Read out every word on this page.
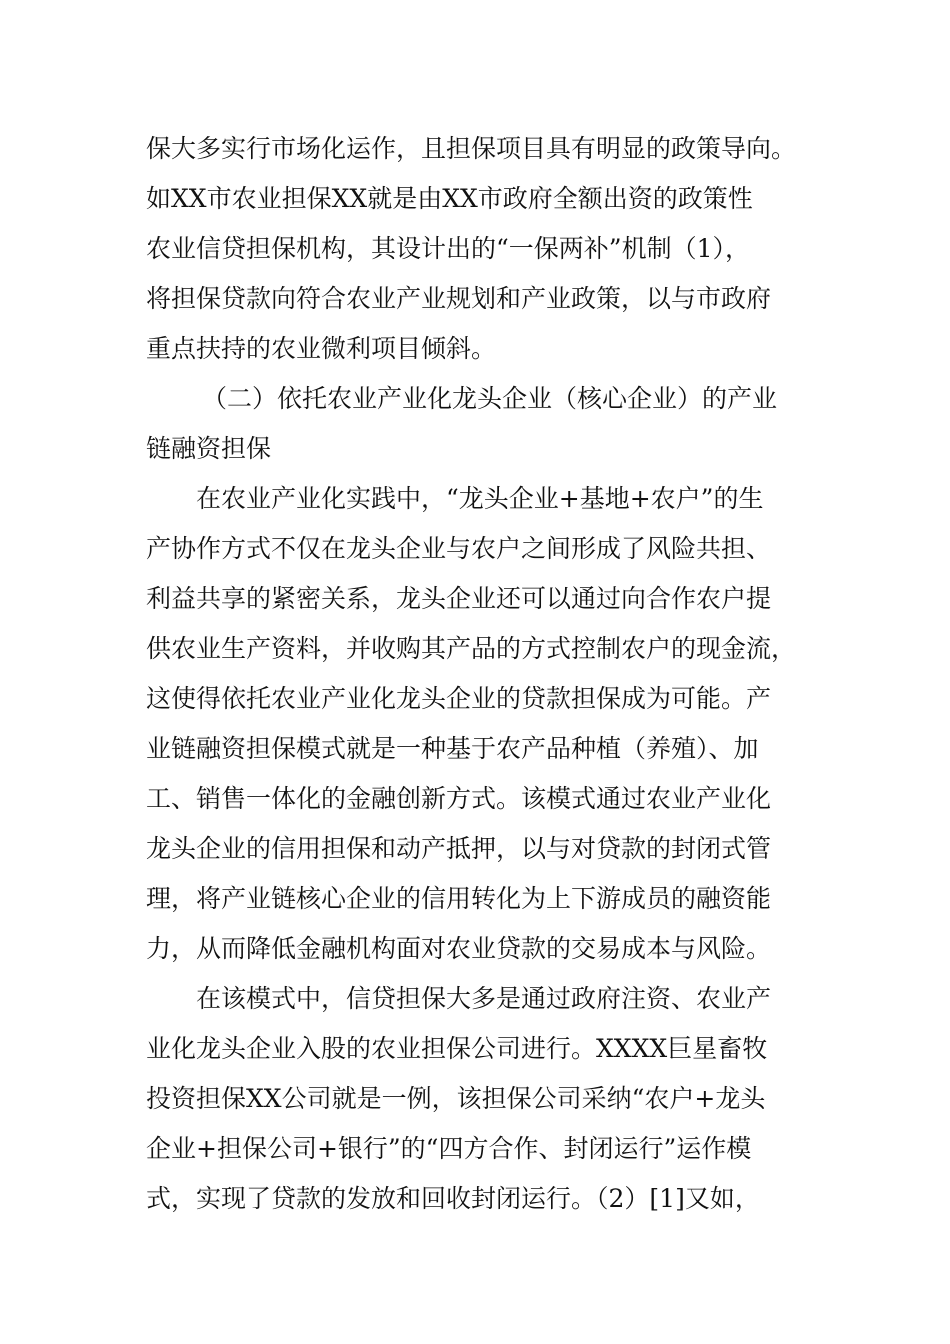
保大多实行市场化运作，且担保项目具有明显的政策导向。
如XX市农业担保XX就是由XX市政府全额出资的政策性
农业信贷担保机构，其设计出的“一保两补”机制（1），
将担保贷款向符合农业产业规划和产业政策，以与市政府
重点扶持的农业微利项目倾斜。
（二）依托农业产业化龙头企业（核心企业）的产业
链融资担保
在农业产业化实践中，“龙头企业+基地+农户”的生
产协作方式不仅在龙头企业与农户之间形成了风险共担、
利益共享的紧密关系，龙头企业还可以通过向合作农户提
供农业生产资料，并收购其产品的方式控制农户的现金流，
这使得依托农业产业化龙头企业的贷款担保成为可能。产
业链融资担保模式就是一种基于农产品种植（养殖）、加
工、销售一体化的金融创新方式。该模式通过农业产业化
龙头企业的信用担保和动产抵押，以与对贷款的封闭式管
理，将产业链核心企业的信用转化为上下游成员的融资能
力，从而降低金融机构面对农业贷款的交易成本与风险。
在该模式中，信贷担保大多是通过政府注资、农业产
业化龙头企业入股的农业担保公司进行。XXXX巨星畜牧
投资担保XX公司就是一例，该担保公司采纳“农户+龙头
企业+担保公司+银行”的“四方合作、封闭运行”运作模
式，实现了贷款的发放和回收封闭运行。（2）[1]又如，
